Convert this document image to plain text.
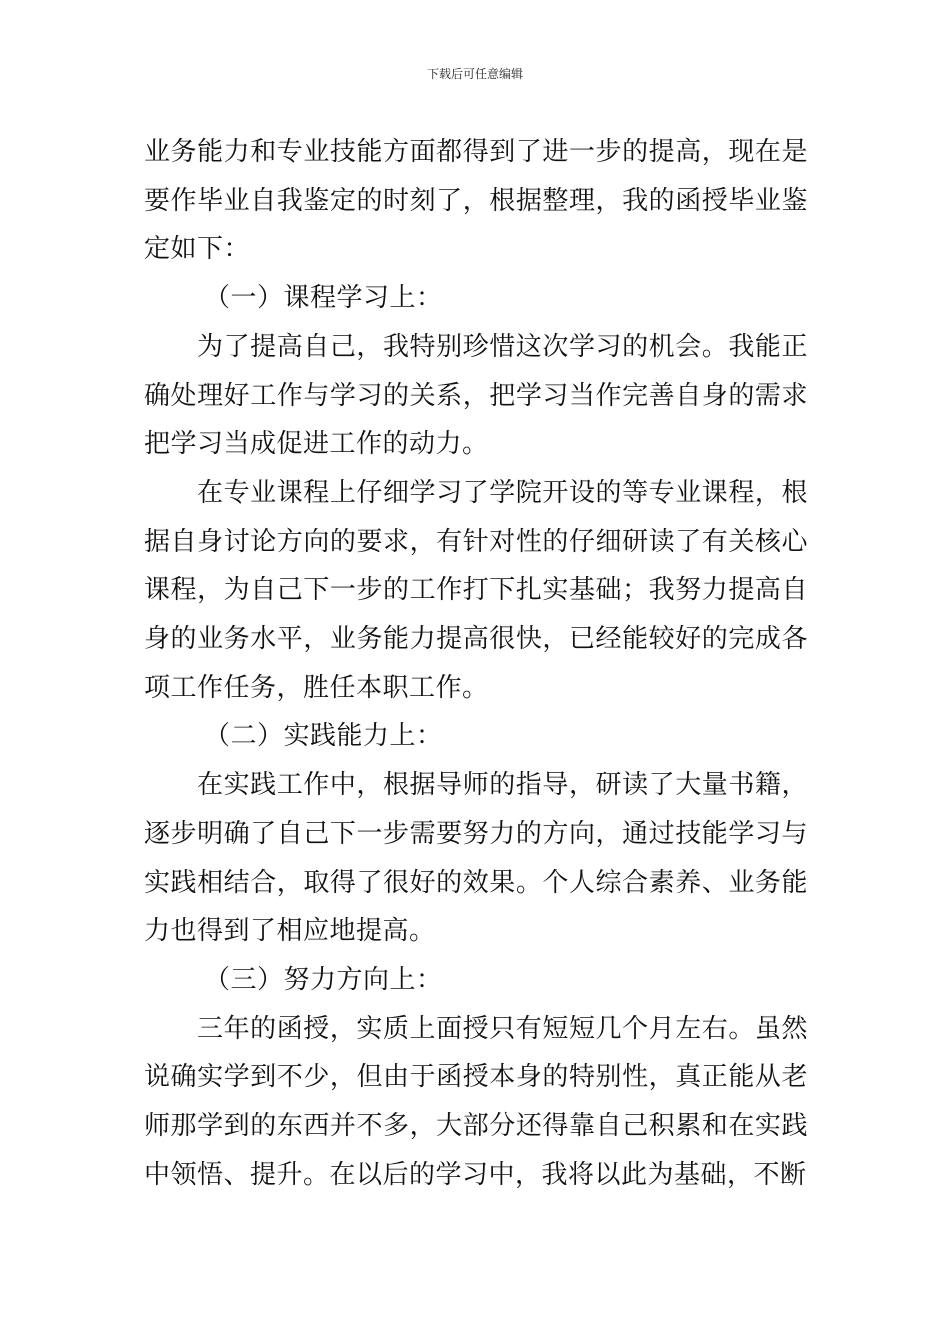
下载后可任意编辑

业务能力和专业技能方面都得到了进一步的提高，现在是要作毕业自我鉴定的时刻了，根据整理，我的函授毕业鉴定如下：

（一）课程学习上：

为了提高自己，我特别珍惜这次学习的机会。我能正确处理好工作与学习的关系，把学习当作完善自身的需求把学习当成促进工作的动力。

在专业课程上仔细学习了学院开设的等专业课程，根据自身讨论方向的要求，有针对性的仔细研读了有关核心课程，为自己下一步的工作打下扎实基础；我努力提高自身的业务水平，业务能力提高很快，已经能较好的完成各项工作任务，胜任本职工作。

（二）实践能力上：

在实践工作中，根据导师的指导，研读了大量书籍，逐步明确了自己下一步需要努力的方向，通过技能学习与实践相结合，取得了很好的效果。个人综合素养、业务能力也得到了相应地提高。

（三）努力方向上：

三年的函授，实质上面授只有短短几个月左右。虽然说确实学到不少，但由于函授本身的特别性，真正能从老师那学到的东西并不多，大部分还得靠自己积累和在实践中领悟、提升。在以后的学习中，我将以此为基础，不断
